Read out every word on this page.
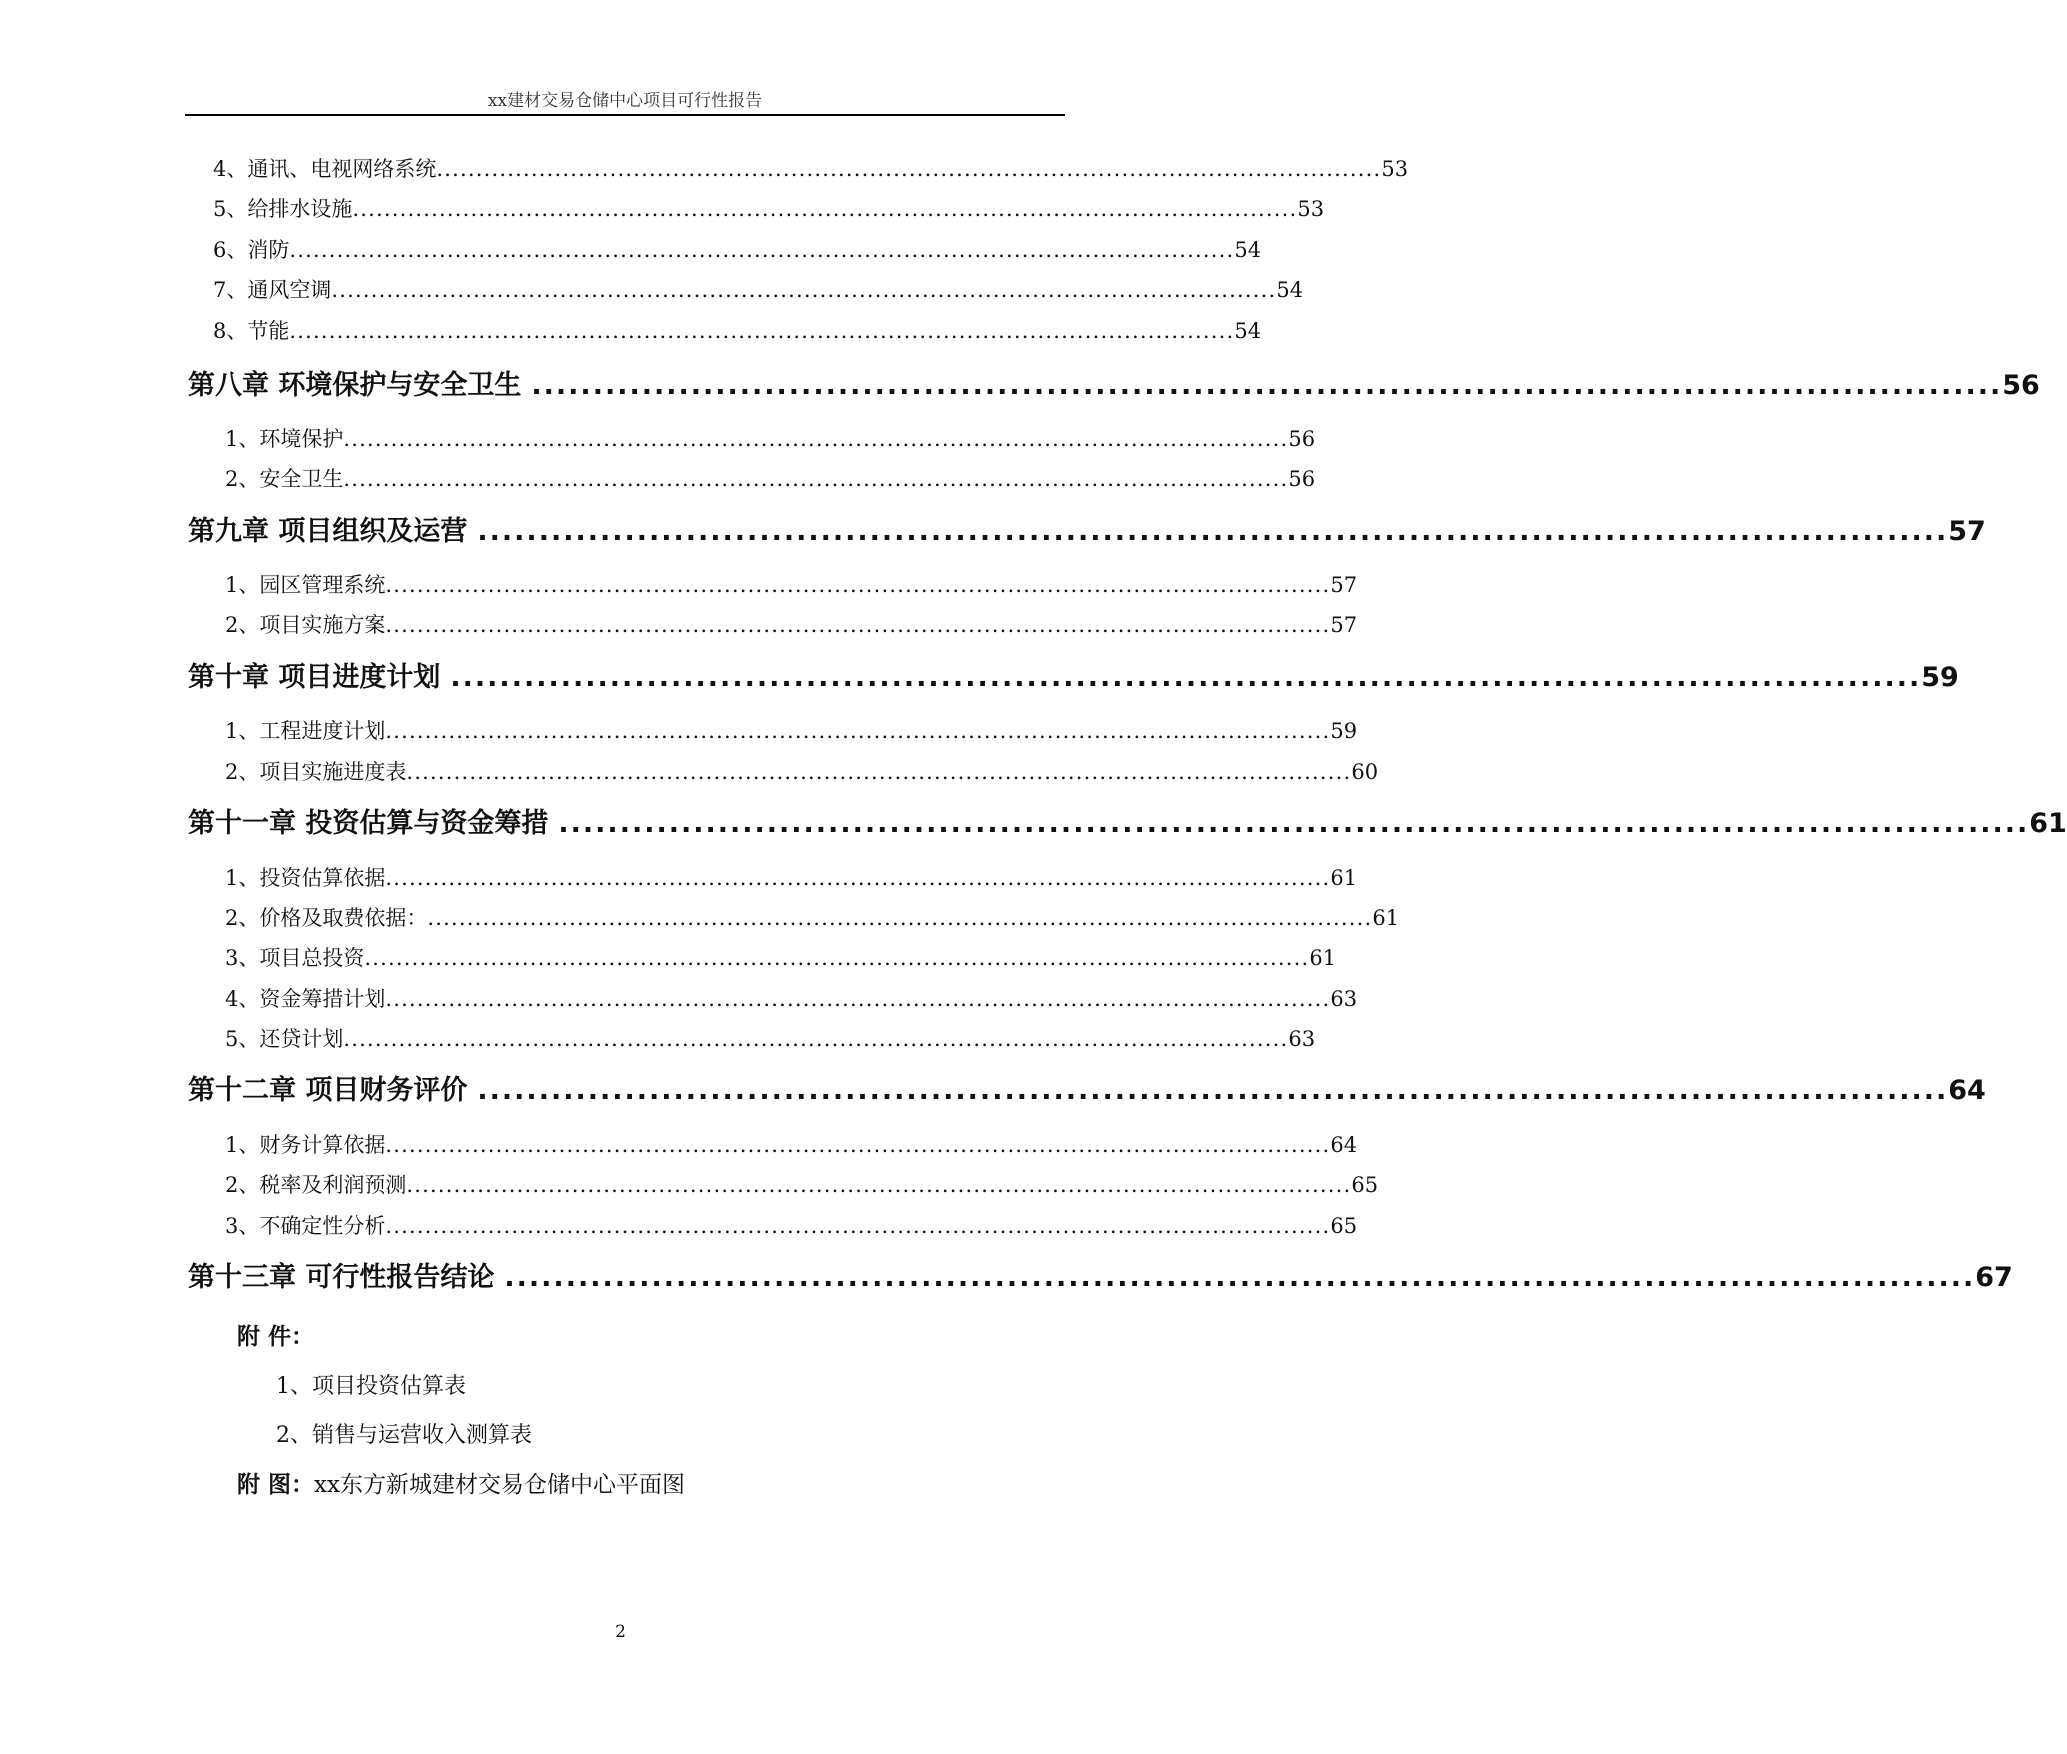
xx建材交易仓储中心项目可行性报告
4、通讯、电视网络系统 ........................................................................................................................ 53
5、给排水设施 ........................................................................................................................ 53
6、消防 ........................................................................................................................ 54
7、通风空调 ........................................................................................................................ 54
8、节能 ........................................................................................................................ 54
第八章 环境保护与安全卫生 ........................................................................................................................ 56
1、环境保护 ........................................................................................................................ 56
2、安全卫生 ........................................................................................................................ 56
第九章 项目组织及运营 ........................................................................................................................ 57
1、园区管理系统 ........................................................................................................................ 57
2、项目实施方案 ........................................................................................................................ 57
第十章 项目进度计划 ........................................................................................................................ 59
1、工程进度计划 ........................................................................................................................ 59
2、项目实施进度表 ........................................................................................................................ 60
第十一章 投资估算与资金筹措 ........................................................................................................................ 61
1、投资估算依据 ........................................................................................................................ 61
2、价格及取费依据： ........................................................................................................................ 61
3、项目总投资 ........................................................................................................................ 61
4、资金筹措计划 ........................................................................................................................ 63
5、还贷计划 ........................................................................................................................ 63
第十二章 项目财务评价 ........................................................................................................................ 64
1、财务计算依据 ........................................................................................................................ 64
2、税率及利润预测 ........................................................................................................................ 65
3、不确定性分析 ........................................................................................................................ 65
第十三章 可行性报告结论 ........................................................................................................................ 67
附 件：
1、项目投资估算表
2、销售与运营收入测算表
附 图：xx东方新城建材交易仓储中心平面图
2
